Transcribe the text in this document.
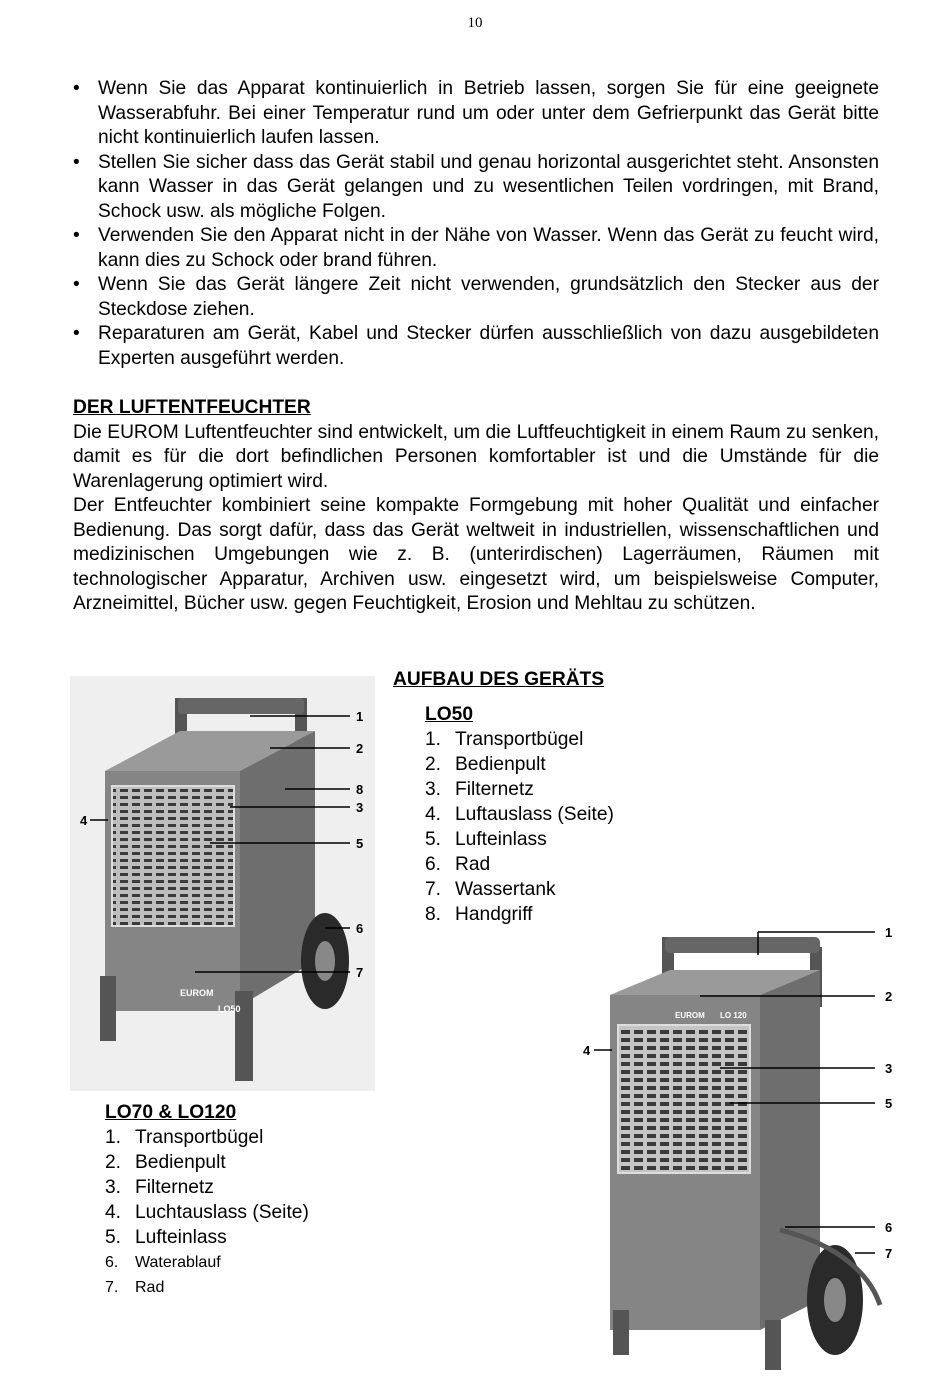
10
• Wenn Sie das Apparat kontinuierlich in Betrieb lassen, sorgen Sie für eine geeignete Wasserabfuhr. Bei einer Temperatur rund um oder unter dem Gefrierpunkt das Gerät bitte nicht kontinuierlich laufen lassen.
• Stellen Sie sicher dass das Gerät stabil und genau horizontal ausgerichtet steht. Ansonsten kann Wasser in das Gerät gelangen und zu wesentlichen Teilen vordringen, mit Brand, Schock usw. als mögliche Folgen.
• Verwenden Sie den Apparat nicht in der Nähe von Wasser. Wenn das Gerät zu feucht wird, kann dies zu Schock oder brand führen.
• Wenn Sie das Gerät längere Zeit nicht verwenden, grundsätzlich den Stecker aus der Steckdose ziehen.
• Reparaturen am Gerät, Kabel und Stecker dürfen ausschließlich von dazu ausgebildeten Experten ausgeführt werden.
DER LUFTENTFEUCHTER

Die EUROM Luftentfeuchter sind entwickelt, um die Luftfeuchtigkeit in einem Raum zu senken, damit es für die dort befindlichen Personen komfortabler ist und die Umstände für die Warenlagerung optimiert wird.

Der Entfeuchter kombiniert seine kompakte Formgebung mit hoher Qualität und einfacher Bedienung. Das sorgt dafür, dass das Gerät weltweit in industriellen, wissenschaftlichen und medizinischen Umgebungen wie z. B. (unterirdischen) Lagerräumen, Räumen mit technologischer Apparatur, Archiven usw. eingesetzt wird, um beispielsweise Computer, Arzneimittel, Bücher usw. gegen Feuchtigkeit, Erosion und Mehltau zu schützen.

AUFBAU DES GERÄTS
LO50
1. Transportbügel
2. Bedienpult
3. Filternetz
4. Luftauslass (Seite)
5. Lufteinlass
6. Rad
7. Wassertank
8. Handgriff
LO70 & LO120
1. Transportbügel
2. Bedienpult
3. Filternetz
4. Luchtauslass (Seite)
5. Lufteinlass
6. Waterablauf
7. Rad
EUROM
LO50
1
2
8
3
5
6
7
4
EUROM LO 120
1
2
3
5
6
7
4
